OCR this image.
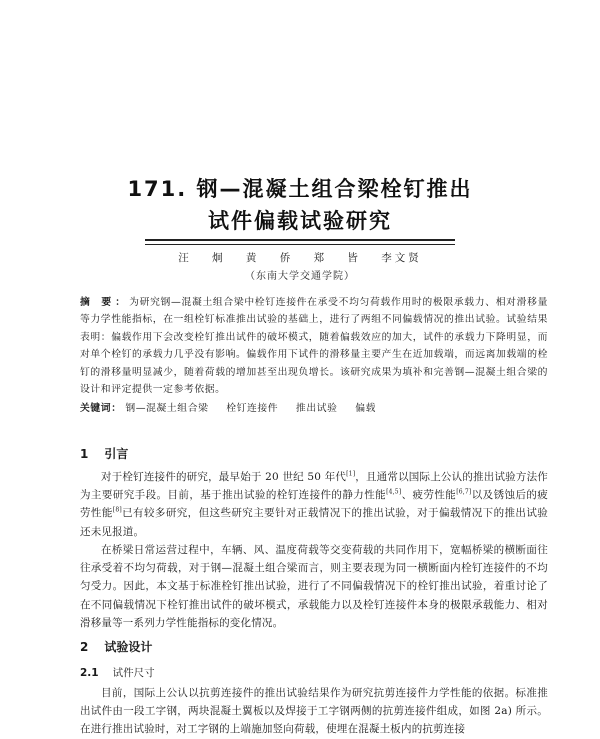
171. 钢—混凝土组合梁栓钉推出
试件偏载试验研究
汪 炯 黄 侨 郑 皆 李文贤
（东南大学交通学院）
摘 要：为研究钢—混凝土组合梁中栓钉连接件在承受不均匀荷载作用时的极限承载力、相对滑移量等力学性能指标，在一组栓钉标准推出试验的基础上，进行了两组不同偏载情况的推出试验。试验结果表明：偏载作用下会改变栓钉推出试件的破坏模式，随着偏载效应的加大，试件的承载力下降明显，而对单个栓钉的承载力几乎没有影响。偏载作用下试件的滑移量主要产生在近加载端，而远离加载端的栓钉的滑移量明显减少，随着荷载的增加甚至出现负增长。该研究成果为填补和完善钢—混凝土组合梁的设计和评定提供一定参考依据。
关键词： 钢—混凝土组合梁 栓钉连接件 推出试验 偏载
1 引言
对于栓钉连接件的研究，最早始于 20 世纪 50 年代[1]，且通常以国际上公认的推出试验方法作为主要研究手段。目前，基于推出试验的栓钉连接件的静力性能[4,5]、疲劳性能[6,7]以及锈蚀后的疲劳性能[8]已有较多研究，但这些研究主要针对正载情况下的推出试验，对于偏载情况下的推出试验还未见报道。
在桥梁日常运营过程中，车辆、风、温度荷载等交变荷载的共同作用下，宽幅桥梁的横断面往往承受着不均匀荷载，对于钢—混凝土组合梁而言，则主要表现为同一横断面内栓钉连接件的不均匀受力。因此，本文基于标准栓钉推出试验，进行了不同偏载情况下的栓钉推出试验，着重讨论了在不同偏载情况下栓钉推出试件的破坏模式，承载能力以及栓钉连接件本身的极限承载能力、相对滑移量等一系列力学性能指标的变化情况。
2 试验设计
2.1 试件尺寸
目前，国际上公认以抗剪连接件的推出试验结果作为研究抗剪连接件力学性能的依据。标准推出试件由一段工字钢，两块混凝土翼板以及焊接于工字钢两侧的抗剪连接件组成，如图 2a) 所示。在进行推出试验时，对工字钢的上端施加竖向荷载，使埋在混凝土板内的抗剪连接
